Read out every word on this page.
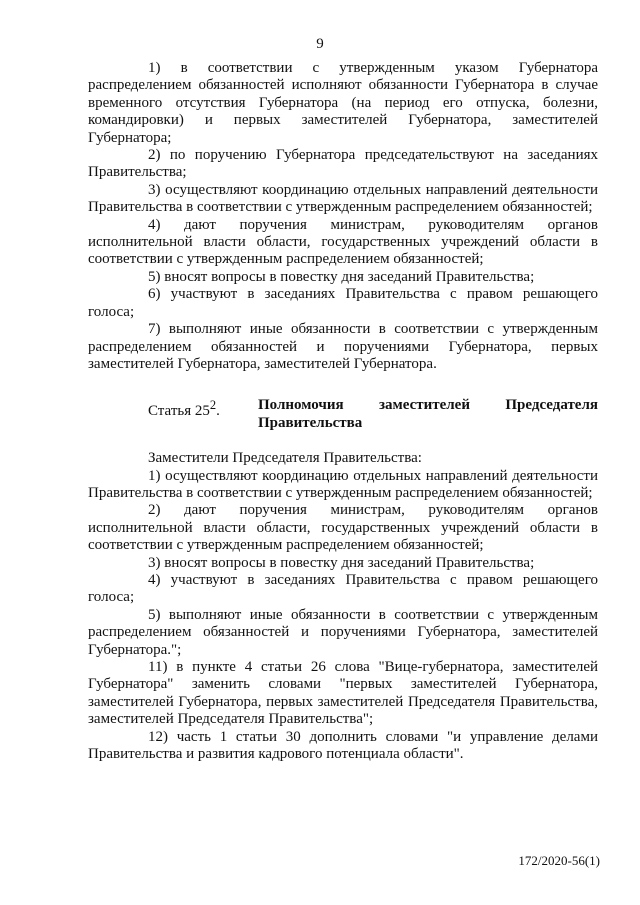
9

1) в соответствии с утвержденным указом Губернатора распределением обязанностей исполняют обязанности Губернатора в случае временного отсутствия Губернатора (на период его отпуска, болезни, командировки) и первых заместителей Губернатора, заместителей Губернатора;

2) по поручению Губернатора председательствуют на заседаниях Правительства;

3) осуществляют координацию отдельных направлений деятельности Правительства в соответствии с утвержденным распределением обязанностей;

4) дают поручения министрам, руководителям органов исполнительной власти области, государственных учреждений области в соответствии с утвержденным распределением обязанностей;

5) вносят вопросы в повестку дня заседаний Правительства;

6) участвуют в заседаниях Правительства с правом решающего голоса;

7) выполняют иные обязанности в соответствии с утвержденным распределением обязанностей и поручениями Губернатора, первых заместителей Губернатора, заместителей Губернатора.

Статья $25^2$.	Полномочия заместителей Председателя Правительства

Заместители Председателя Правительства:

1) осуществляют координацию отдельных направлений деятельности Правительства в соответствии с утвержденным распределением обязанностей;

2) дают поручения министрам, руководителям органов исполнительной власти области, государственных учреждений области в соответствии с утвержденным распределением обязанностей;

3) вносят вопросы в повестку дня заседаний Правительства;

4) участвуют в заседаниях Правительства с правом решающего голоса;

5) выполняют иные обязанности в соответствии с утвержденным распределением обязанностей и поручениями Губернатора, заместителей Губернатора.";

11) в пункте 4 статьи 26 слова "Вице-губернатора, заместителей Губернатора" заменить словами "первых заместителей Губернатора, заместителей Губернатора, первых заместителей Председателя Правительства, заместителей Председателя Правительства";

12) часть 1 статьи 30 дополнить словами "и управление делами Правительства и развития кадрового потенциала области".

172/2020-56(1)
